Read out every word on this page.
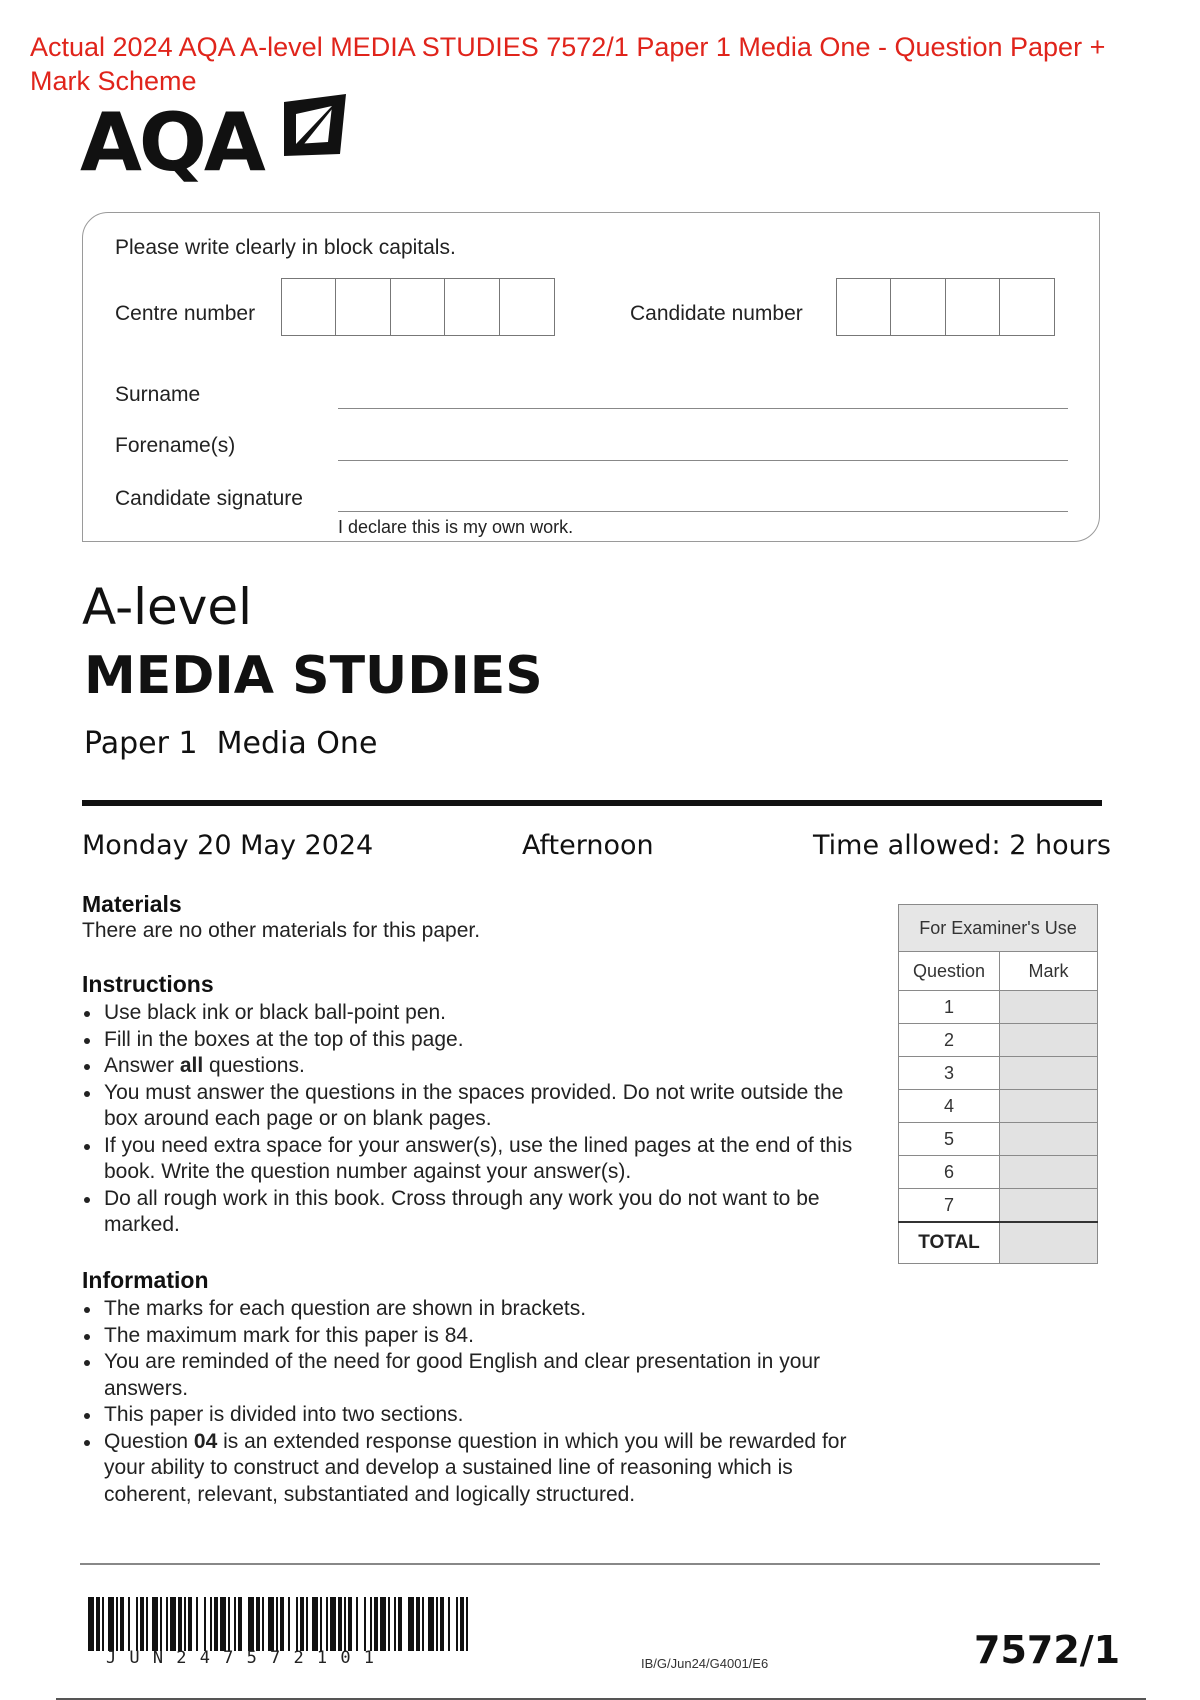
Actual 2024 AQA A-level MEDIA STUDIES 7572/1 Paper 1 Media One - Question Paper + Mark Scheme
AQA
Please write clearly in block capitals.
Centre number	Candidate number
Surname
Forename(s)
Candidate signature
I declare this is my own work.
A-level
MEDIA STUDIES
Paper 1 Media One
Monday 20 May 2024	Afternoon	Time allowed: 2 hours
Materials
There are no other materials for this paper.
Instructions
Use black ink or black ball-point pen.
Fill in the boxes at the top of this page.
Answer all questions.
You must answer the questions in the spaces provided. Do not write outside the box around each page or on blank pages.
If you need extra space for your answer(s), use the lined pages at the end of this book. Write the question number against your answer(s).
Do all rough work in this book. Cross through any work you do not want to be marked.
Information
The marks for each question are shown in brackets.
The maximum mark for this paper is 84.
You are reminded of the need for good English and clear presentation in your answers.
This paper is divided into two sections.
Question 04 is an extended response question in which you will be rewarded for your ability to construct and develop a sustained line of reasoning which is coherent, relevant, substantiated and logically structured.
For Examiner's Use	
Question	Mark
1	
2	
3	
4	
5	
6	
7	
TOTAL	
JUN247572101	IB/G/Jun24/G4001/E6	7572/1
